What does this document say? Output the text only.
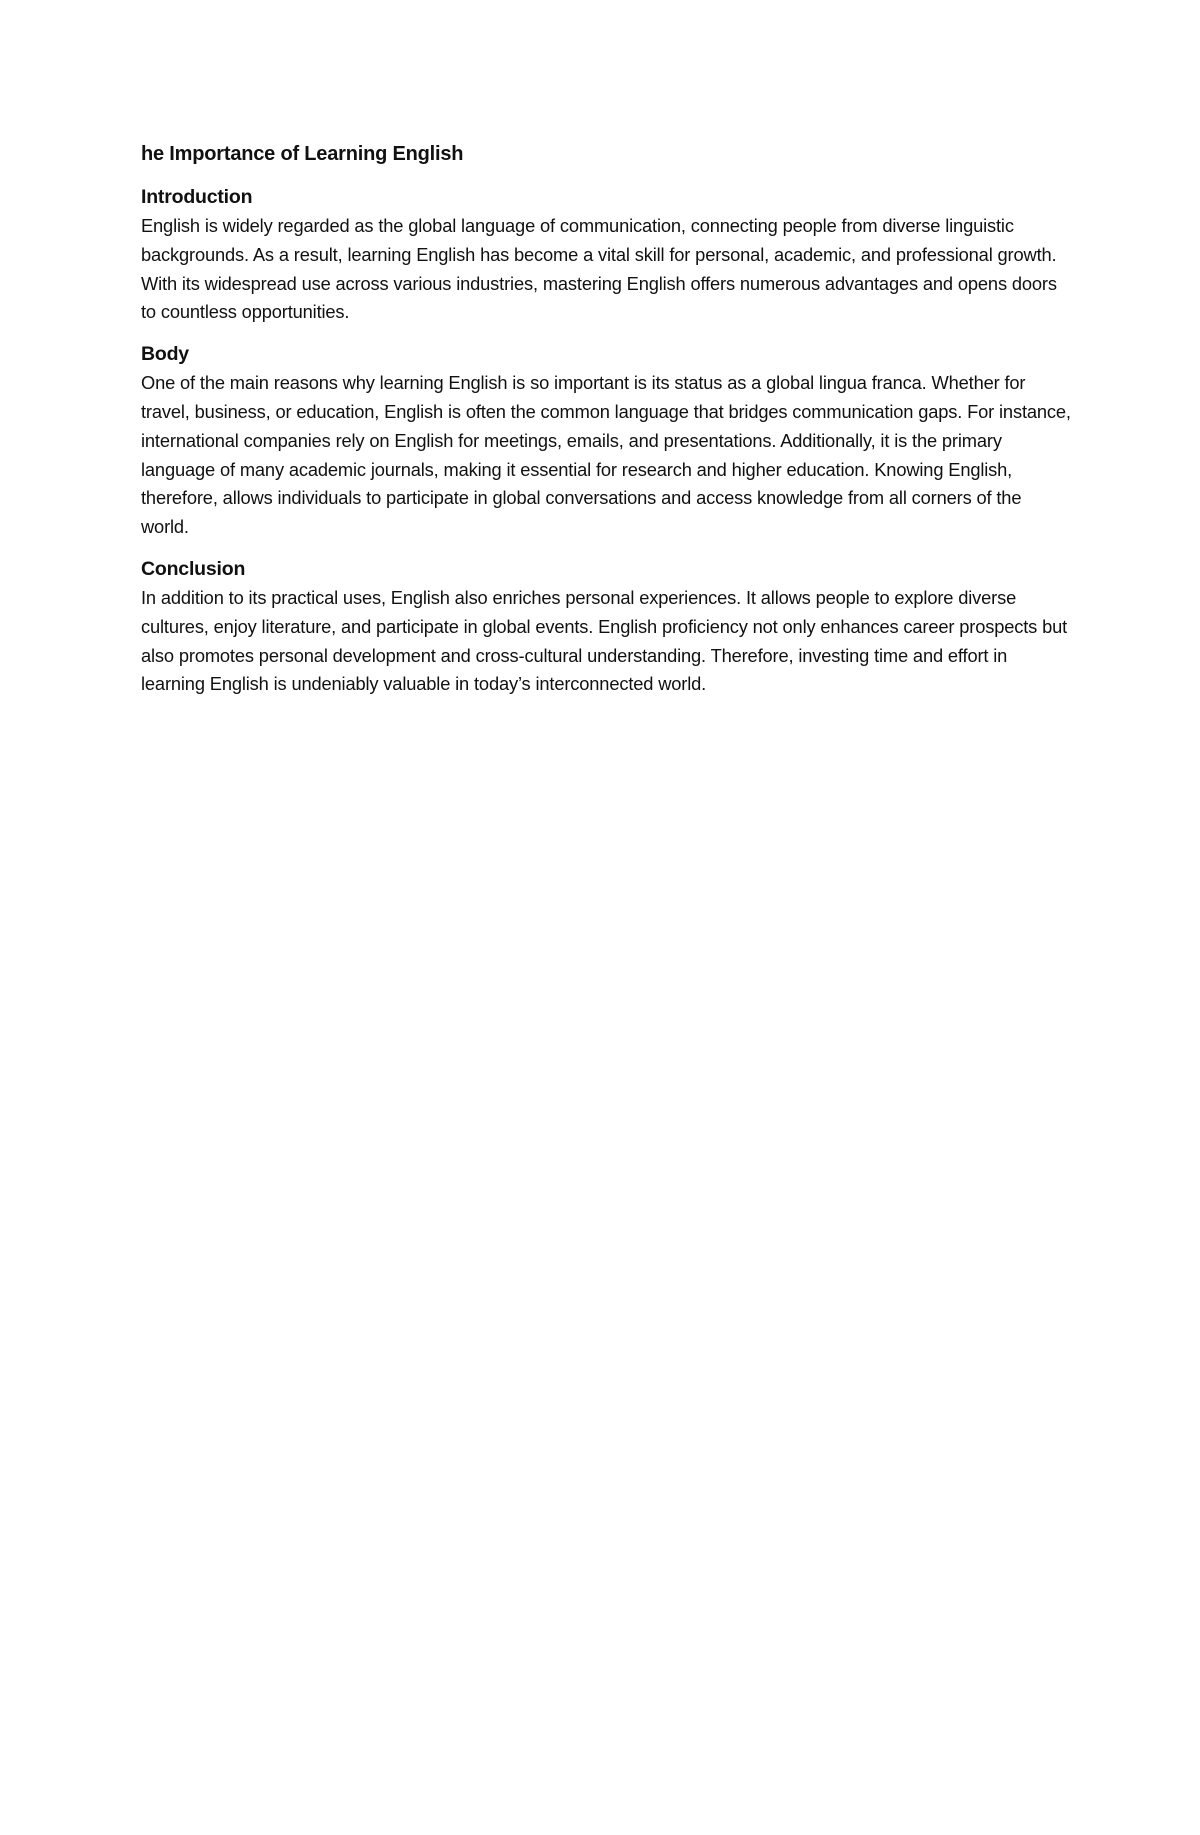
he Importance of Learning English
Introduction
English is widely regarded as the global language of communication, connecting people from diverse linguistic backgrounds. As a result, learning English has become a vital skill for personal, academic, and professional growth. With its widespread use across various industries, mastering English offers numerous advantages and opens doors to countless opportunities.
Body
One of the main reasons why learning English is so important is its status as a global lingua franca. Whether for travel, business, or education, English is often the common language that bridges communication gaps. For instance, international companies rely on English for meetings, emails, and presentations. Additionally, it is the primary language of many academic journals, making it essential for research and higher education. Knowing English, therefore, allows individuals to participate in global conversations and access knowledge from all corners of the world.
Conclusion
In addition to its practical uses, English also enriches personal experiences. It allows people to explore diverse cultures, enjoy literature, and participate in global events. English proficiency not only enhances career prospects but also promotes personal development and cross-cultural understanding. Therefore, investing time and effort in learning English is undeniably valuable in today’s interconnected world.
